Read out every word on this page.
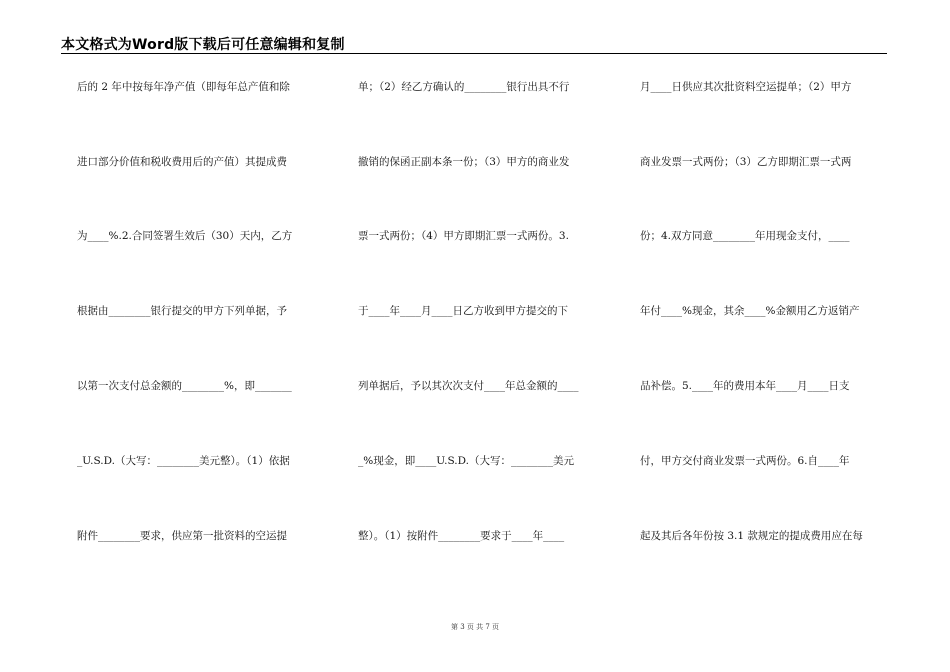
本文格式为Word版下载后可任意编辑和复制
后的 2 年中按每年净产值（即每年总产值和除
进口部分价值和税收费用后的产值）其提成费
为____%.2.合同签署生效后（30）天内，乙方
根据由________银行提交的甲方下列单据，予
以第一次支付总金额的________%，即_______
_U.S.D.（大写：________美元整）。（1）依据
附件________要求，供应第一批资料的空运提
单；（2）经乙方确认的________银行出具不行
撤销的保函正副本条一份；（3）甲方的商业发
票一式两份；（4）甲方即期汇票一式两份。3.
于____年____月____日乙方收到甲方提交的下
列单据后，予以其次次支付____年总金额的____
_%现金，即____U.S.D.（大写：________美元
整）。（1）按附件________要求于____年____
月____日供应其次批资料空运提单；（2）甲方
商业发票一式两份；（3）乙方即期汇票一式两
份；4.双方同意________年用现金支付，____
年付____%现金，其余____%金额用乙方返销产
品补偿。5.____年的费用本年____月____日支
付，甲方交付商业发票一式两份。6.自____年
起及其后各年份按 3.1 款规定的提成费用应在每
第 3 页 共 7 页
